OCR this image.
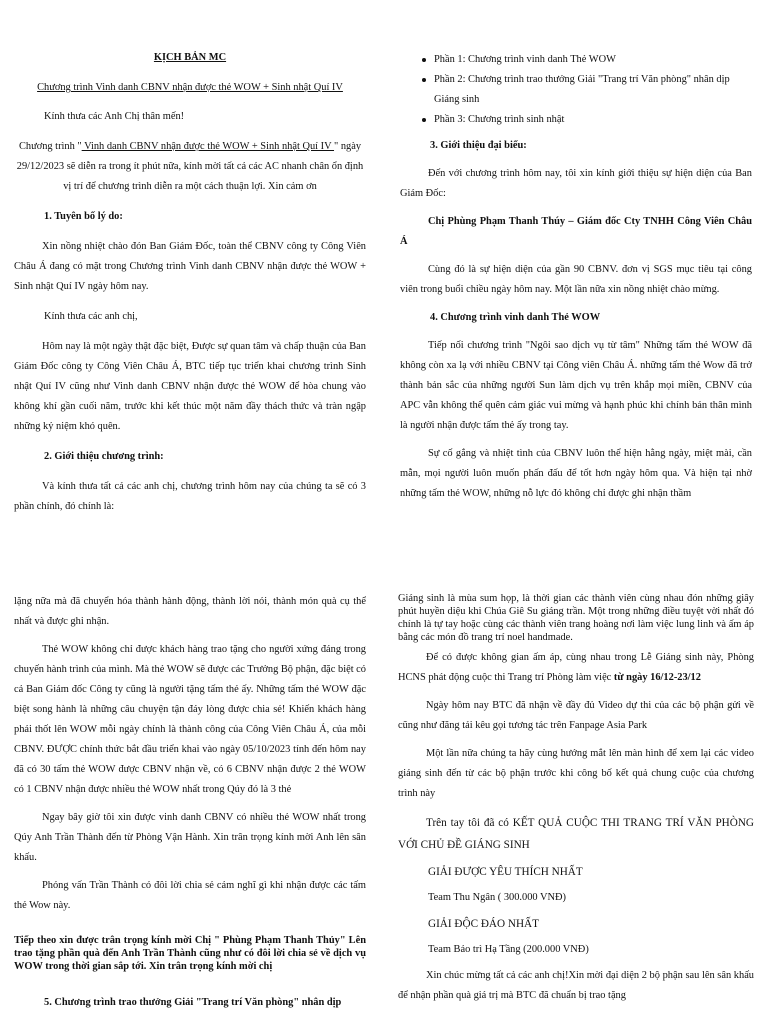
KỊCH BẢN MC

Chương trình Vinh danh CBNV nhận được thẻ WOW + Sinh nhật Quí IV

Kính thưa các Anh Chị thân mến!

Chương trình " Vinh danh CBNV nhận được thẻ WOW + Sinh nhật Quí IV " ngày 29/12/2023 sẽ diễn ra trong ít phút nữa, kính mời tất cả các AC nhanh chân ổn định vị trí để chương trình diễn ra một cách thuận lợi. Xin cảm ơn

1. Tuyên bố lý do:

Xin nồng nhiệt chào đón Ban Giám Đốc, toàn thể CBNV công ty Công Viên Châu Á đang có mặt trong Chương trình Vinh danh CBNV nhận được thẻ WOW + Sinh nhật Quí IV ngày hôm nay.

Kính thưa các anh chị,

Hôm nay là một ngày thật đặc biệt, Được sự quan tâm và chấp thuận của Ban Giám Đốc công ty Công Viên Châu Á, BTC tiếp tục triển khai chương trình Sinh nhật Quí IV cũng như Vinh danh CBNV nhận được thẻ WOW để hòa chung vào không khí gần cuối năm, trước khi kết thúc một năm đầy thách thức và tràn ngập những kỷ niệm khó quên.

2. Giới thiệu chương trình:

Và kính thưa tất cả các anh chị, chương trình hôm nay của chúng ta sẽ có 3 phần chính, đó chính là:

Phần 1: Chương trình vinh danh Thẻ WOW
Phần 2: Chương trình trao thưởng Giải "Trang trí Văn phòng" nhân dịp Giáng sinh
Phần 3: Chương trình sinh nhật

3. Giới thiệu đại biểu:

Đến với chương trình hôm nay, tôi xin kính giới thiệu sự hiện diện của Ban Giám Đốc:

Chị Phùng Phạm Thanh Thúy – Giám đốc Cty TNHH Công Viên Châu Á

Cùng đó là sự hiện diện của gần 90 CBNV. đơn vị SGS mục tiêu tại công viên trong buổi chiều ngày hôm nay. Một lần nữa xin nồng nhiệt chào mừng.

4. Chương trình vinh danh Thẻ WOW

Tiếp nối chương trình "Ngôi sao dịch vụ từ tâm" Những tấm thẻ WOW đã không còn xa lạ với nhiều CBNV tại Công viên Châu Á. những tấm thẻ Wow đã trở thành bản sắc của những người Sun làm dịch vụ trên khắp mọi miền, CBNV của APC vẫn không thể quên cảm giác vui mừng và hạnh phúc khi chính bản thân mình là người nhận được tấm thẻ ấy trong tay.

Sự cố gắng và nhiệt tình của CBNV luôn thể hiện hằng ngày, miệt mài, cần mẫn, mọi người luôn muốn phấn đấu để tốt hơn ngày hôm qua. Và hiện tại nhờ những tấm thẻ WOW, những nỗ lực đó không chỉ được ghi nhận thầm

lặng nữa mà đã chuyển hóa thành hành động, thành lời nói, thành món quà cụ thể nhất và được ghi nhận.

Thẻ WOW không chỉ được khách hàng trao tặng cho người xứng đáng trong chuyến hành trình của mình. Mà thẻ WOW sẽ được các Trưởng Bộ phận, đặc biệt có cả Ban Giám đốc Công ty cũng là người tặng tấm thẻ ấy. Những tấm thẻ WOW đặc biệt song hành là những câu chuyện tận đáy lòng được chia sẻ! Khiến khách hàng phải thốt lên WOW mỗi ngày chính là thành công của Công Viên Châu Á, của mỗi CBNV. ĐƯỢC chính thức bắt đầu triển khai vào ngày 05/10/2023 tính đến hôm nay đã có 30 tấm thẻ WOW được CBNV nhận về, có 6 CBNV nhận được 2 thẻ WOW có 1 CBNV nhận được nhiều thẻ WOW nhất trong Qúy đó là 3 thẻ

Ngay bây giờ tôi xin được vinh danh CBNV có nhiều thẻ WOW nhất trong Qúy Anh Trần Thành đến từ Phòng Vận Hành. Xin trân trọng kính mời Anh lên sân khấu.

Phỏng vấn Trần Thành có đôi lời chia sẻ cảm nghĩ gì khi nhận được các tấm thẻ Wow này.

Tiếp theo xin được trân trọng kính mời Chị " Phùng Phạm Thanh Thủy" Lên trao tặng phần quà đến Anh Trần Thành cũng như có đôi lời chia sẻ về dịch vụ WOW trong thời gian sắp tới. Xin trân trọng kính mời chị

5. Chương trình trao thưởng Giải "Trang trí Văn phòng" nhân dịp

Giáng sinh là mùa sum họp, là thời gian các thành viên cùng nhau đón những giây phút huyền diệu khi Chúa Giê Su giáng trần. Một trong những điều tuyệt vời nhất đó chính là tự tay hoặc cùng các thành viên trang hoàng nơi làm việc lung linh và ấm áp bằng các món đồ trang trí noel handmade.

Để có được không gian ấm áp, cùng nhau trong Lễ Giáng sinh này, Phòng HCNS phát động cuộc thi Trang trí Phòng làm việc từ ngày 16/12-23/12

Ngày hôm nay BTC đã nhận về đầy đủ Video dự thi của các bộ phận gửi về cũng như đăng tải kêu gọi tương tác trên Fanpage Asia Park

Một lần nữa chúng ta hãy cùng hướng mắt lên màn hình để xem lại các video giáng sinh đến từ các bộ phận trước khi công bố kết quả chung cuộc của chương trình này

Trên tay tôi đã có KẾT QUẢ CUỘC THI TRANG TRÍ VĂN PHÒNG VỚI CHỦ ĐỀ GIÁNG SINH

GIẢI ĐƯỢC YÊU THÍCH NHẤT

Team Thu Ngân ( 300.000 VNĐ)

GIẢI ĐỘC ĐÁO NHẤT

Team Bảo trì Hạ Tầng (200.000 VNĐ)

Xin chúc mừng tất cả các anh chị!Xin mời đại diện 2 bộ phận sau lên sân khấu để nhận phần quà giá trị mà BTC đã chuẩn bị trao tặng
